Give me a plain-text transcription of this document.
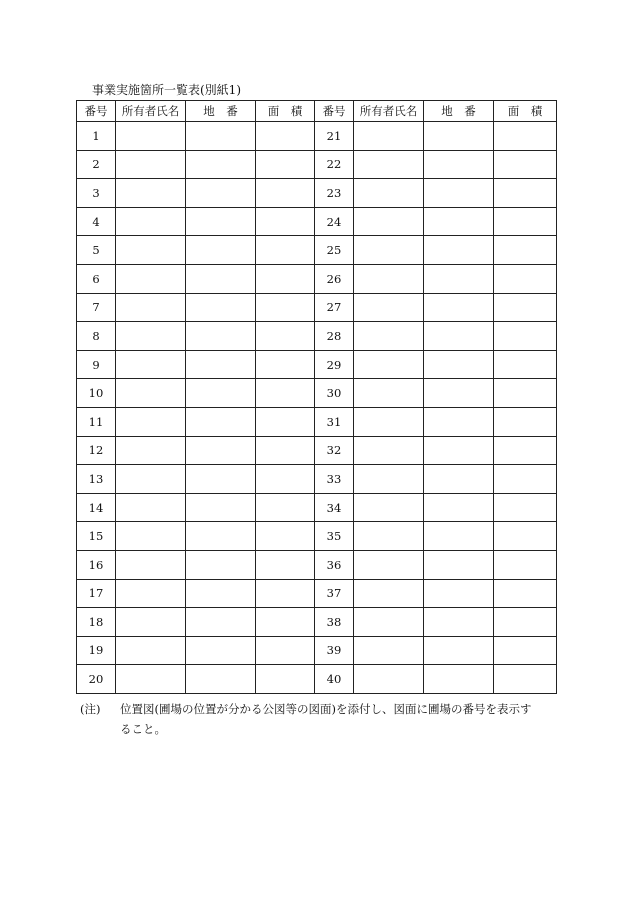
事業実施箇所一覧表(別紙1)
番号	所有者氏名	地　番	面　積	番号	所有者氏名	地　番	面　積
1				21			
2				22			
3				23			
4				24			
5				25			
6				26			
7				27			
8				28			
9				29			
10				30			
11				31			
12				32			
13				33			
14				34			
15				35			
16				36			
17				37			
18				38			
19				39			
20				40			
(注) 位置図(圃場の位置が分かる公図等の図面)を添付し、図面に圃場の番号を表示す
ること。
